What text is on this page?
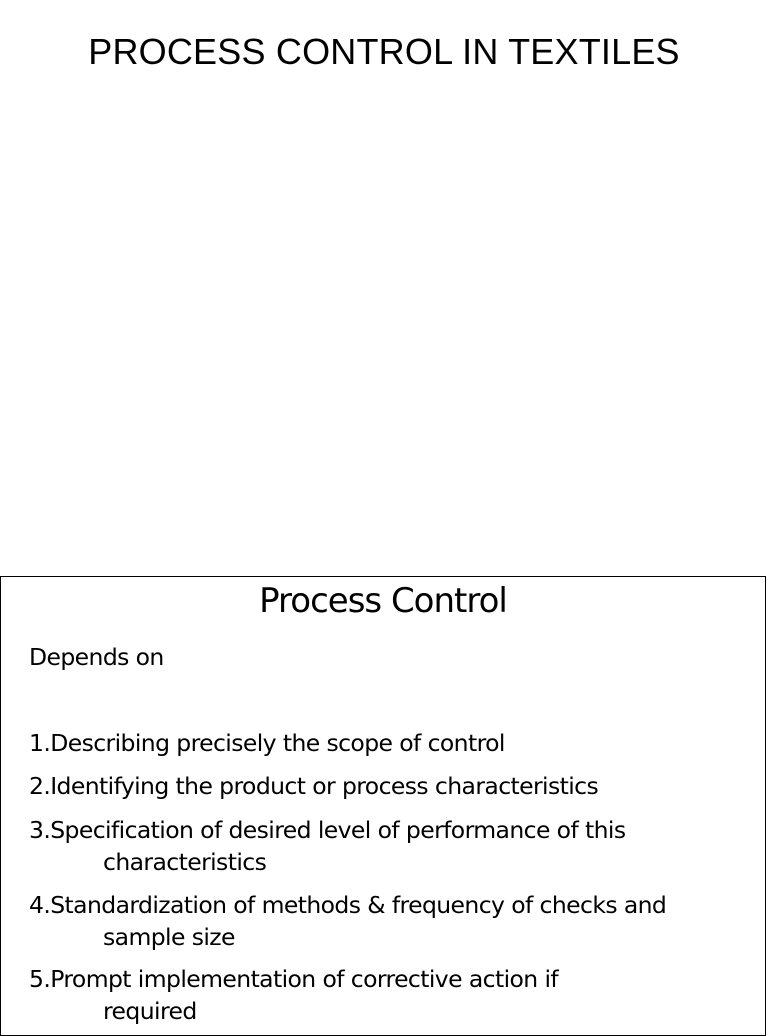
PROCESS CONTROL IN TEXTILES
Process Control
Depends on
1.Describing precisely the scope of control
2.Identifying the product or process characteristics
3.Specification of desired level of performance of this
characteristics
4.Standardization of methods & frequency of checks and
sample size
5.Prompt implementation of corrective action if
required
